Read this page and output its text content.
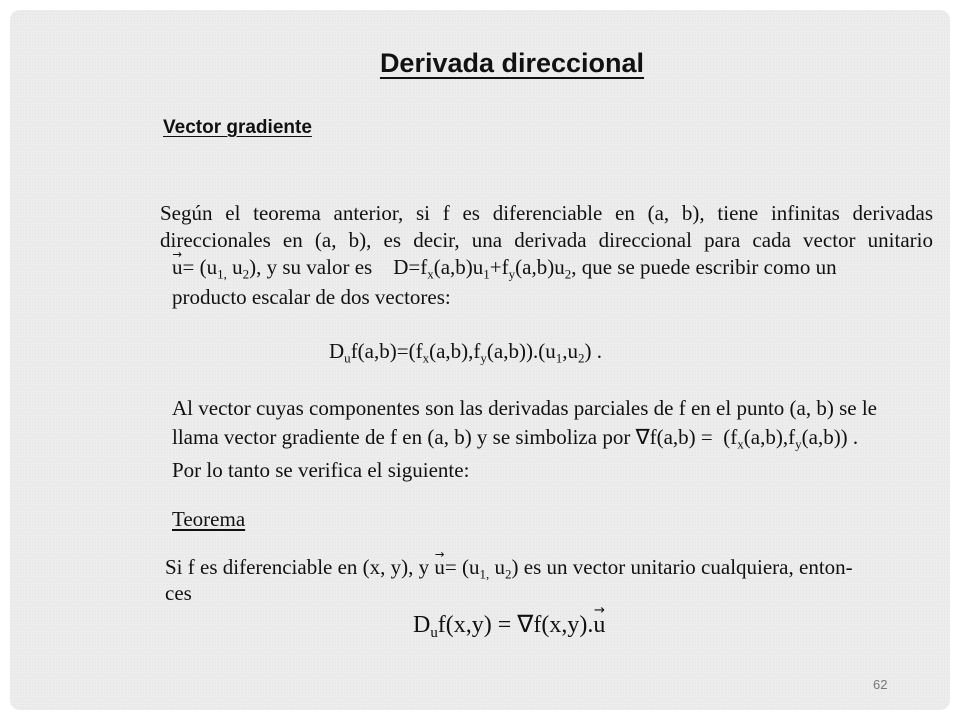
Derivada direccional
Vector gradiente
Según el teorema anterior, si f es diferenciable en (a, b), tiene infinitas derivadas
direccionales en (a, b), es decir, una derivada direccional para cada vector unitario
→ $u= (u_{1,}$ $u_2$), y su valor es $D=f_x(a,b)u_1+f_y(a,b)u_2$, que se puede escribir como un
producto escalar de dos vectores:
$D_uf(a,b)=(f_x(a,b),f_y(a,b)).(u_1,u_2)$ .
Al vector cuyas componentes son las derivadas parciales de f en el punto (a, b) se le
llama vector gradiente de f en (a, b) y se simboliza por $\nabla f(a,b) = (f_x(a,b),f_y(a,b))$ .
Por lo tanto se verifica el siguiente:
Teorema
Si f es diferenciable en (x, y), $y \to u= (u_{1,}$ $u_2$) es un vector unitario cualquiera, enton-
ces
$D_uf(x,y) = \nabla f(x,y).\to u$
62
